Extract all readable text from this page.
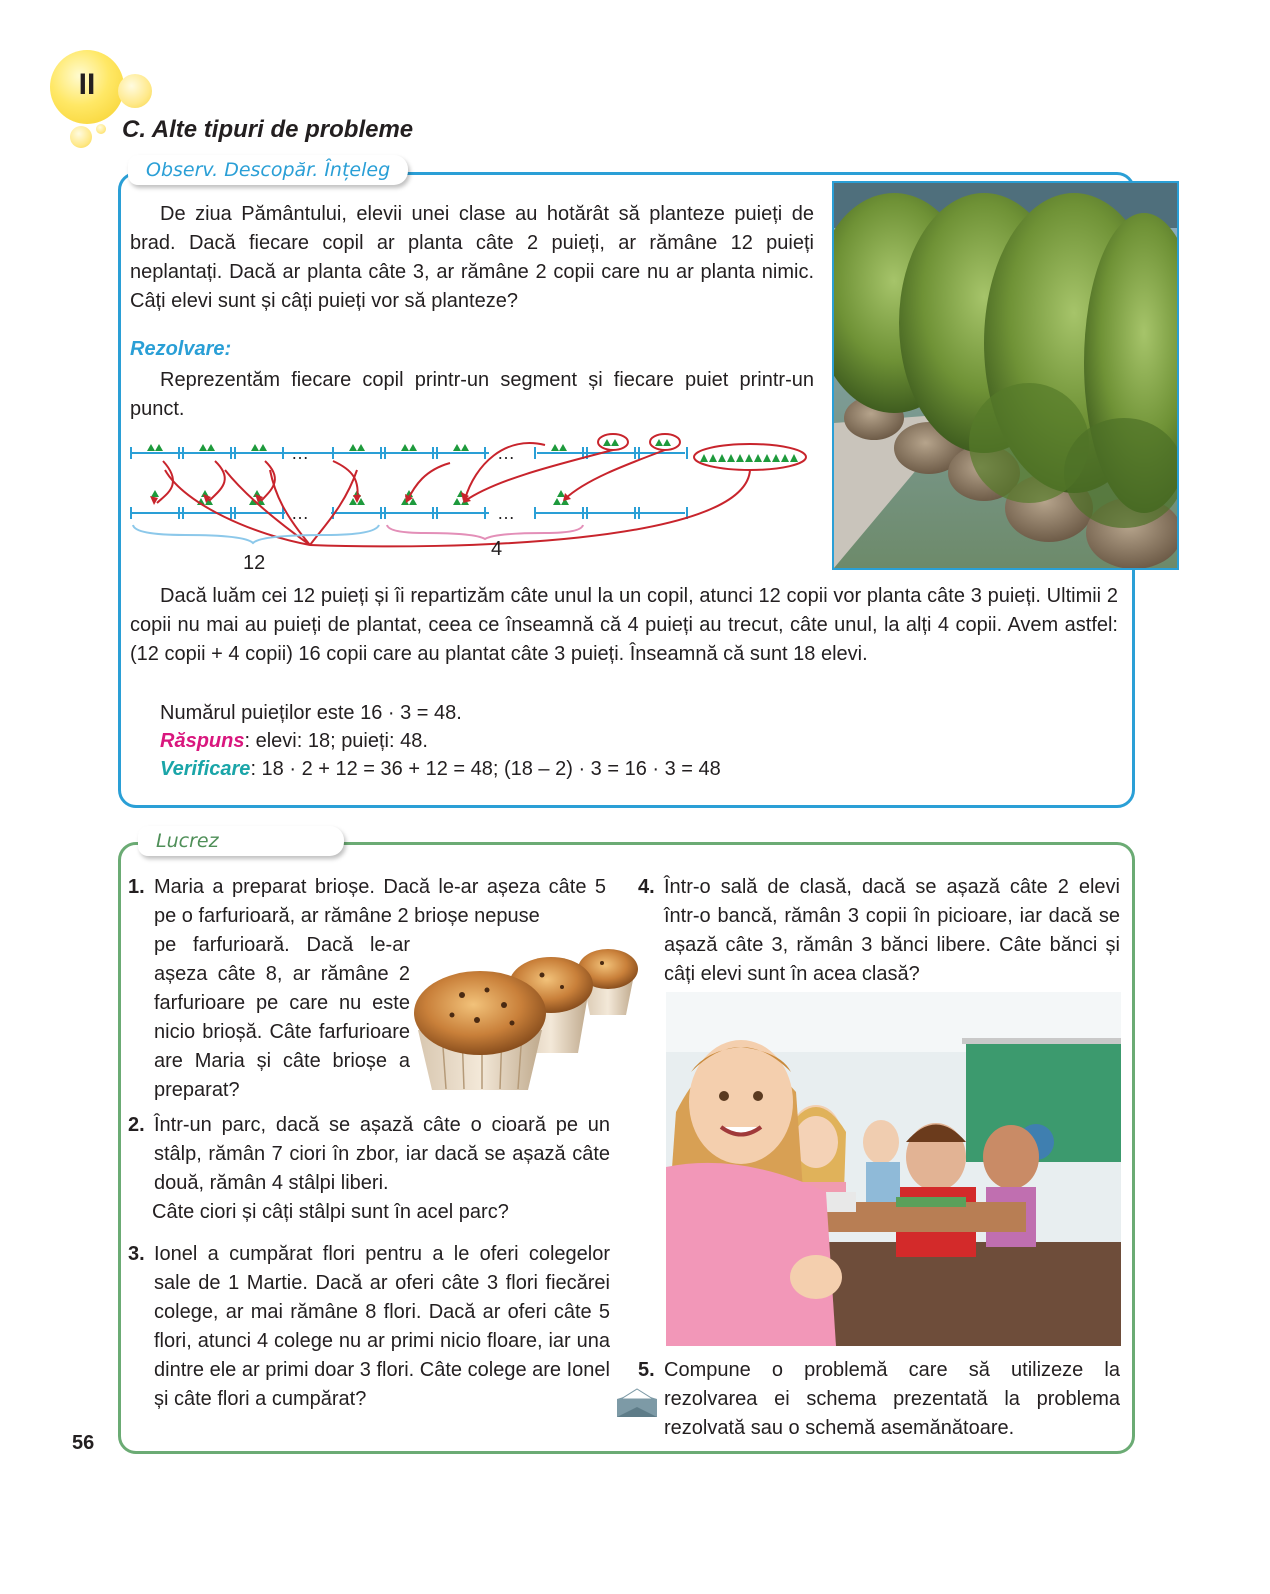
II
C. Alte tipuri de probleme
Observ. Descopăr. Înțeleg
De ziua Pământului, elevii unei clase au hotărât să planteze puieți de brad. Dacă fiecare copil ar planta câte 2 puieți, ar rămâne 12 puieți neplantați. Dacă ar planta câte 3, ar rămâne 2 copii care nu ar planta nimic. Câți elevi sunt și câți puieți vor să planteze?
Rezolvare:
Reprezentăm fiecare copil printr-un segment și fiecare puiet printr-un punct.
4
12
…	…
…	…
Dacă luăm cei 12 puieți și îi repartizăm câte unul la un copil, atunci 12 copii vor planta câte 3 puieți. Ultimii 2 copii nu mai au puieți de plantat, ceea ce înseamnă că 4 puieți au trecut, câte unul, la alți 4 copii. Avem astfel: (12 copii + 4 copii) 16 copii care au plantat câte 3 puieți. Înseamnă că sunt 18 elevi.
Numărul puieților este 16 · 3 = 48.
Răspuns: elevi: 18; puieți: 48.
Verificare: 18 · 2 + 12 = 36 + 12 = 48; (18 – 2) · 3 = 16 · 3 = 48
Lucrez
1. Maria a preparat brioșe. Dacă le-ar așeza câte 5 pe o farfurioară, ar rămâne 2 brioșe nepuse
pe farfurioară. Dacă le-ar așeza câte 8, ar rămâne 2 farfurioare pe care nu este nicio brioșă. Câte farfurioare are Maria și câte brioșe a preparat?
2. Într-un parc, dacă se așază câte o cioară pe un stâlp, rămân 7 ciori în zbor, iar dacă se așază câte două, rămân 4 stâlpi liberi.
Câte ciori și câți stâlpi sunt în acel parc?
3. Ionel a cumpărat flori pentru a le oferi colegelor sale de 1 Martie. Dacă ar oferi câte 3 flori fiecărei colege, ar mai rămâne 8 flori. Dacă ar oferi câte 5 flori, atunci 4 colege nu ar primi nicio floare, iar una dintre ele ar primi doar 3 flori. Câte colege are Ionel și câte flori a cumpărat?
4. Într-o sală de clasă, dacă se așază câte 2 elevi într-o bancă, rămân 3 copii în picioare, iar dacă se așază câte 3, rămân 3 bănci libere. Câte bănci și câți elevi sunt în acea clasă?
5. Compune o problemă care să utilizeze la rezolvarea ei schema prezentată la problema rezolvată sau o schemă asemănătoare.
56
